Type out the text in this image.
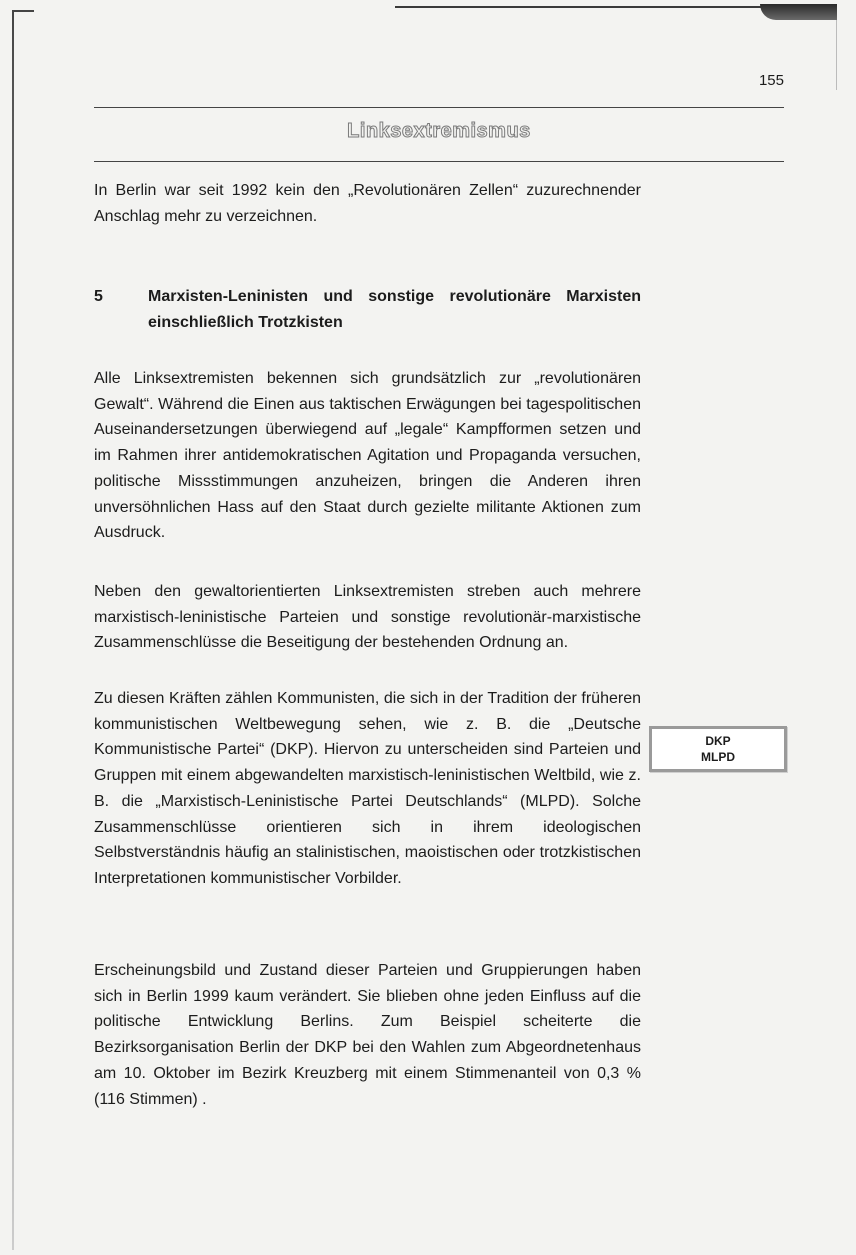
155
Linksextremismus

In Berlin war seit 1992 kein den „Revolutionären Zellen“ zuzurechnender Anschlag mehr zu verzeichnen.

5	Marxisten-Leninisten und sonstige revolutionäre Marxisten einschließlich Trotzkisten

Alle Linksextremisten bekennen sich grundsätzlich zur „revolutionären Gewalt“. Während die Einen aus taktischen Erwägungen bei tagespolitischen Auseinandersetzungen überwiegend auf „legale“ Kampfformen setzen und im Rahmen ihrer antidemokratischen Agitation und Propaganda versuchen, politische Missstimmungen anzuheizen, bringen die Anderen ihren unversöhnlichen Hass auf den Staat durch gezielte militante Aktionen zum Ausdruck.

Neben den gewaltorientierten Linksextremisten streben auch mehrere marxistisch-leninistische Parteien und sonstige revolutionär-marxistische Zusammenschlüsse die Beseitigung der bestehenden Ordnung an.

Zu diesen Kräften zählen Kommunisten, die sich in der Tradition der früheren kommunistischen Weltbewegung sehen, wie z. B. die „Deutsche Kommunistische Partei“ (DKP). Hiervon zu unterscheiden sind Parteien und Gruppen mit einem abgewandelten marxistisch-leninistischen Weltbild, wie z. B. die „Marxistisch-Leninistische Partei Deutschlands“ (MLPD). Solche Zusammenschlüsse orientieren sich in ihrem ideologischen Selbstverständnis häufig an stalinistischen, maoistischen oder trotzkistischen Interpretationen kommunistischer Vorbilder.

Erscheinungsbild und Zustand dieser Parteien und Gruppierungen haben sich in Berlin 1999 kaum verändert. Sie blieben ohne jeden Einfluss auf die politische Entwicklung Berlins. Zum Beispiel scheiterte die Bezirksorganisation Berlin der DKP bei den Wahlen zum Abgeordnetenhaus am 10. Oktober im Bezirk Kreuzberg mit einem Stimmenanteil von 0,3 % (116 Stimmen) .

DKP
MLPD
